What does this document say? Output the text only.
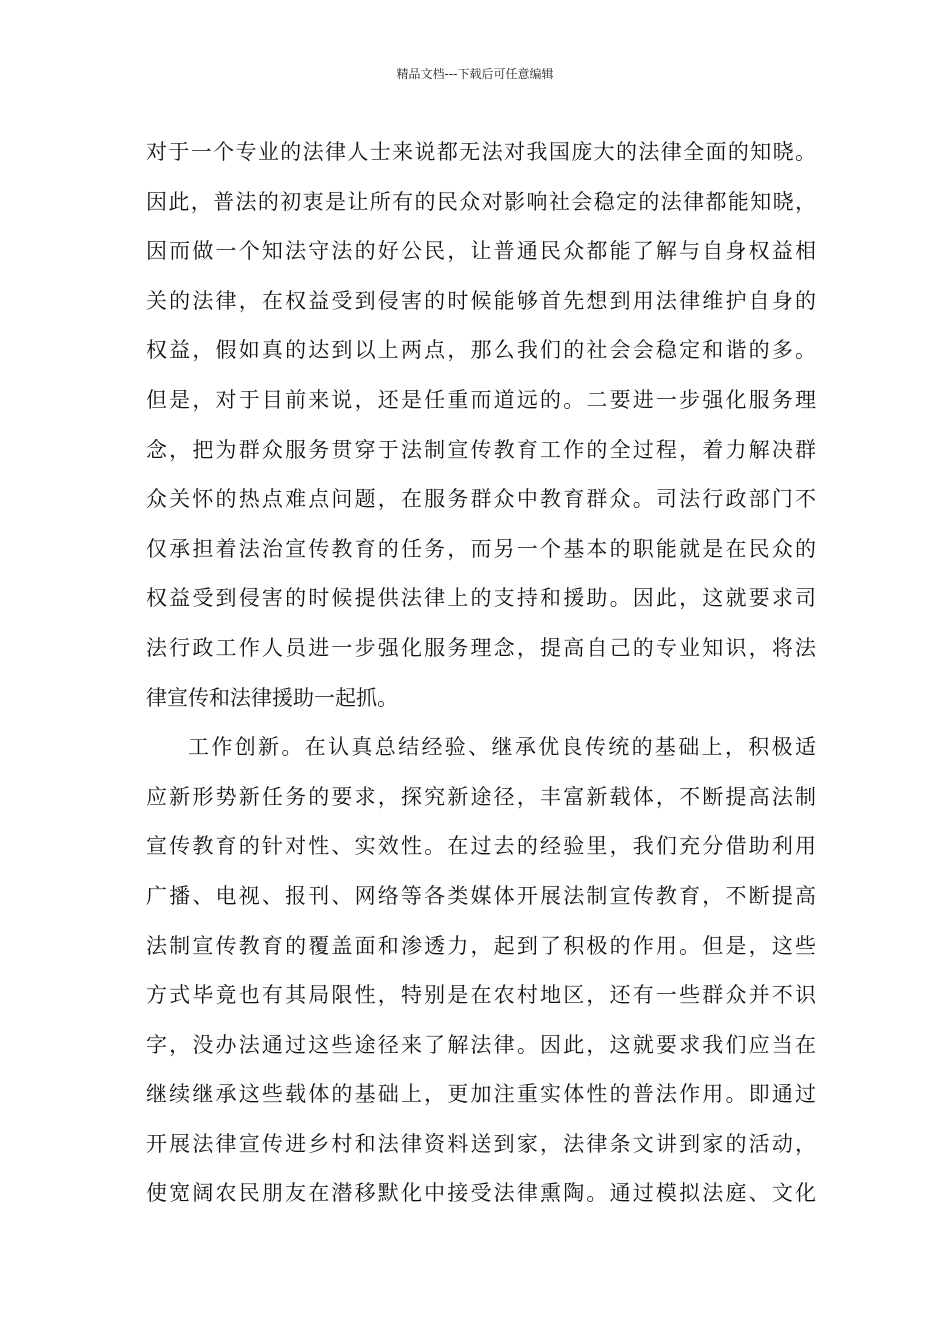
精品文档---下载后可任意编辑
对于一个专业的法律人士来说都无法对我国庞大的法律全面的知晓。
因此，普法的初衷是让所有的民众对影响社会稳定的法律都能知晓，
因而做一个知法守法的好公民，让普通民众都能了解与自身权益相
关的法律，在权益受到侵害的时候能够首先想到用法律维护自身的
权益，假如真的达到以上两点，那么我们的社会会稳定和谐的多。
但是，对于目前来说，还是任重而道远的。二要进一步强化服务理
念，把为群众服务贯穿于法制宣传教育工作的全过程，着力解决群
众关怀的热点难点问题，在服务群众中教育群众。司法行政部门不
仅承担着法治宣传教育的任务，而另一个基本的职能就是在民众的
权益受到侵害的时候提供法律上的支持和援助。因此，这就要求司
法行政工作人员进一步强化服务理念，提高自己的专业知识，将法
律宣传和法律援助一起抓。
工作创新。在认真总结经验、继承优良传统的基础上，积极适
应新形势新任务的要求，探究新途径，丰富新载体，不断提高法制
宣传教育的针对性、实效性。在过去的经验里，我们充分借助利用
广播、电视、报刊、网络等各类媒体开展法制宣传教育，不断提高
法制宣传教育的覆盖面和渗透力，起到了积极的作用。但是，这些
方式毕竟也有其局限性，特别是在农村地区，还有一些群众并不识
字，没办法通过这些途径来了解法律。因此，这就要求我们应当在
继续继承这些载体的基础上，更加注重实体性的普法作用。即通过
开展法律宣传进乡村和法律资料送到家，法律条文讲到家的活动，
使宽阔农民朋友在潜移默化中接受法律熏陶。通过模拟法庭、文化
